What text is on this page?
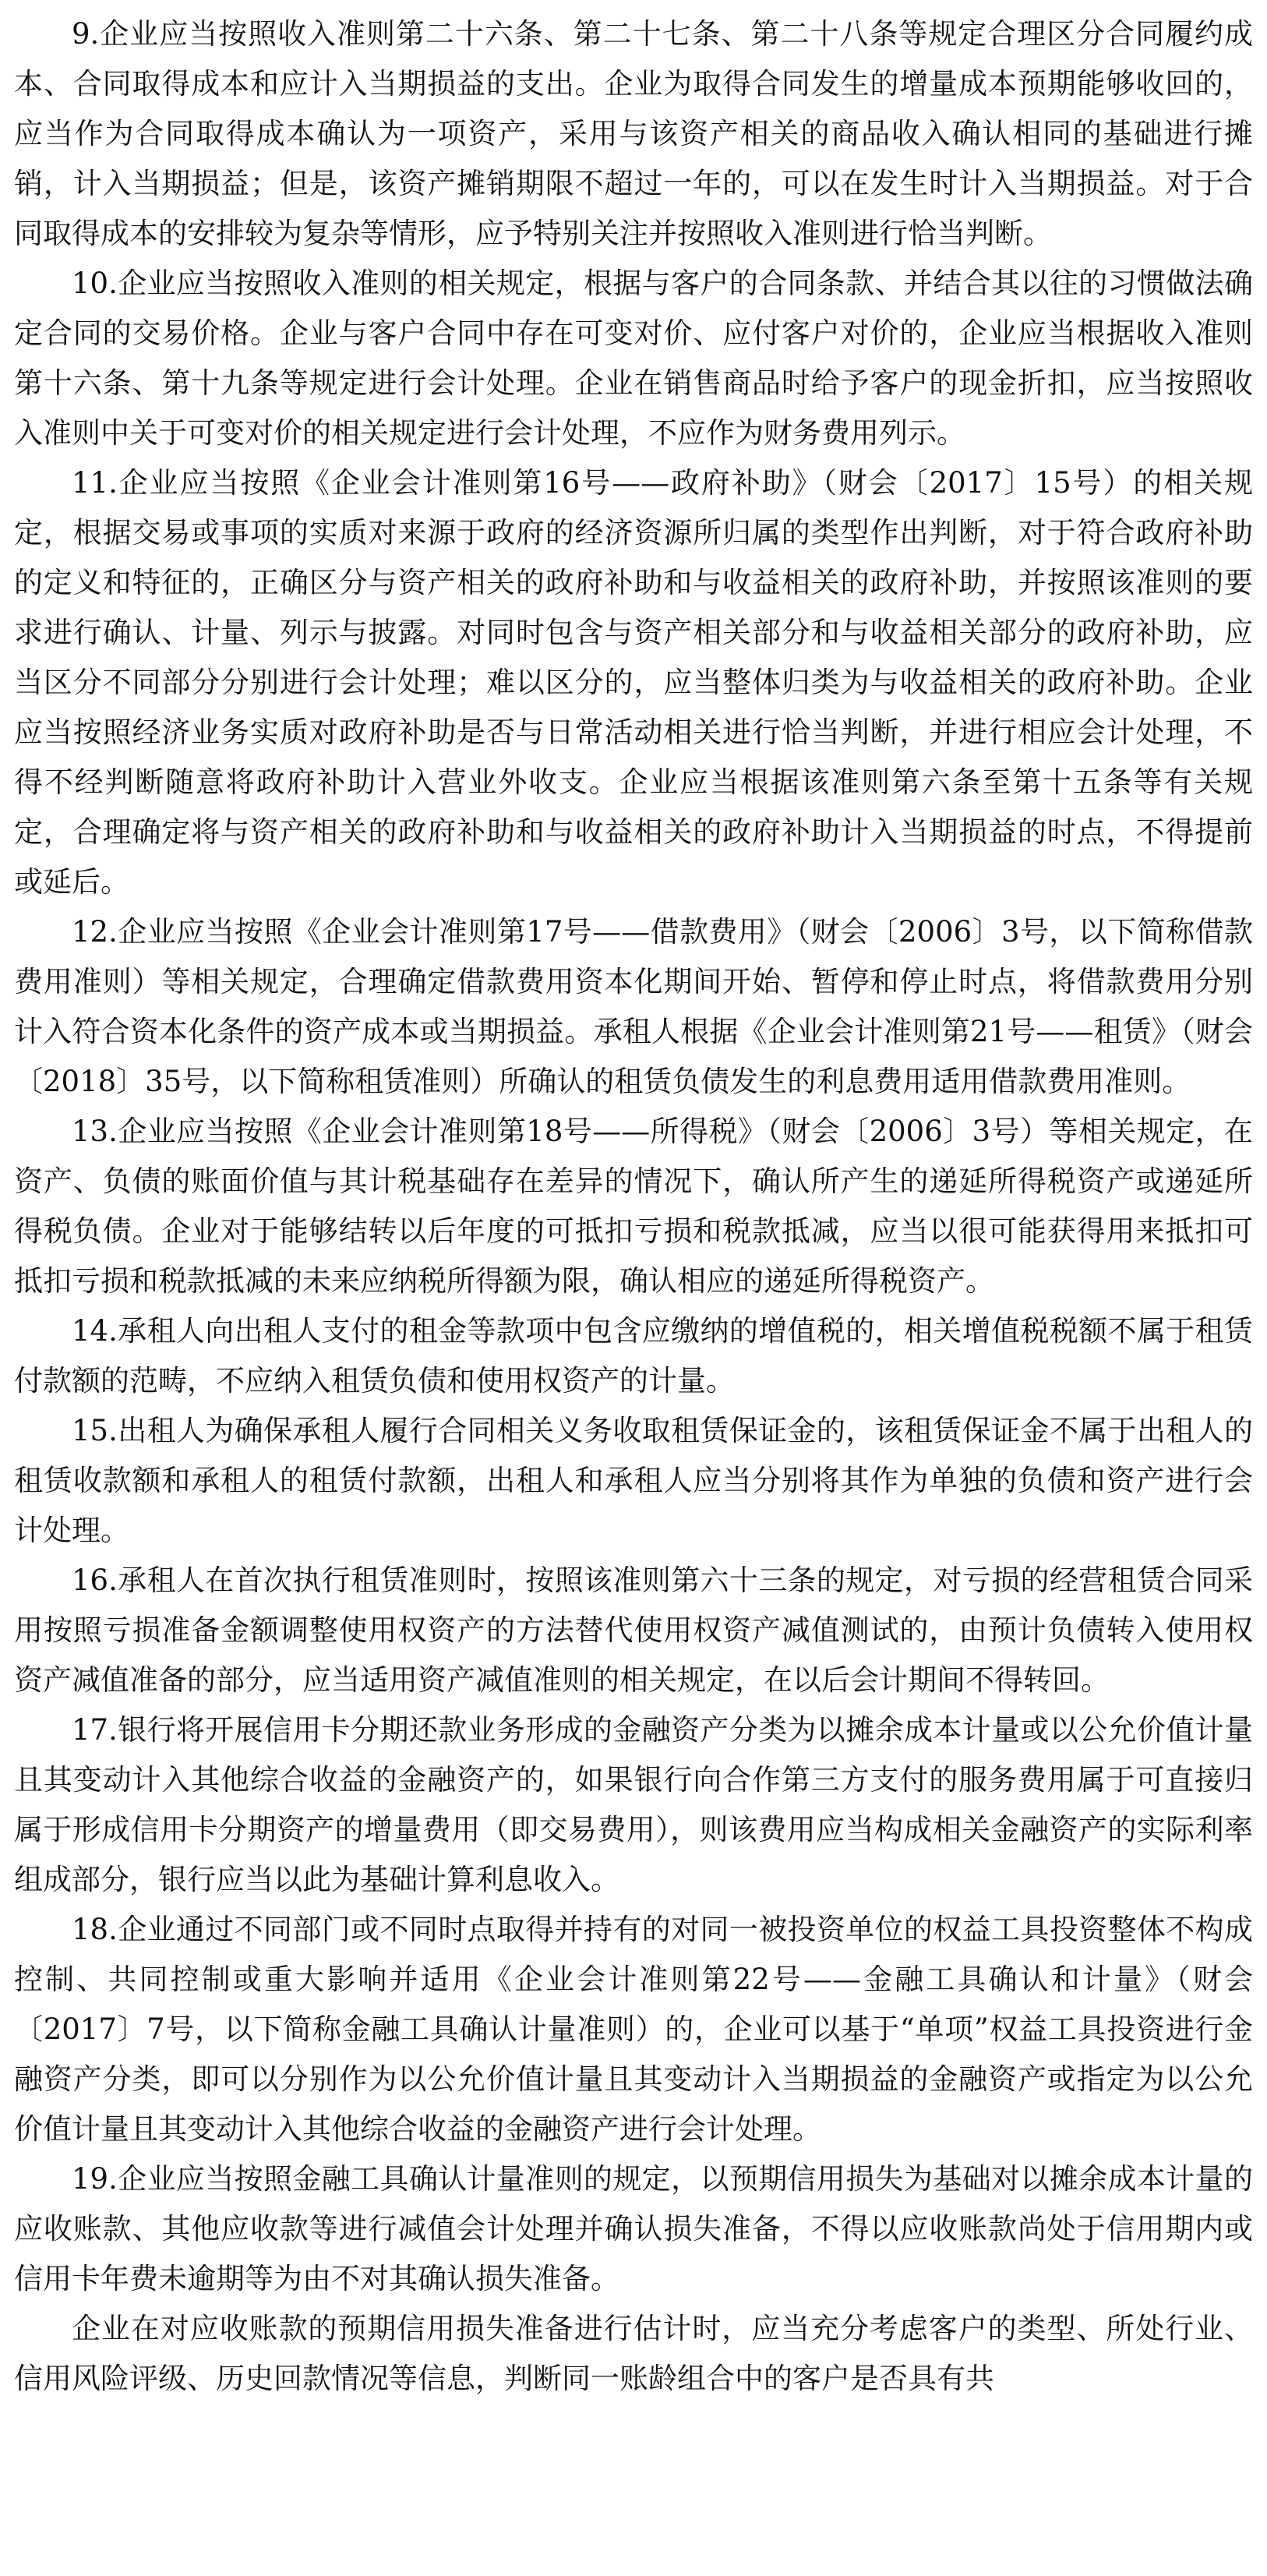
9.企业应当按照收入准则第二十六条、第二十七条、第二十八条等规定合理区分合同履约成本、合同取得成本和应计入当期损益的支出。企业为取得合同发生的增量成本预期能够收回的，应当作为合同取得成本确认为一项资产，采用与该资产相关的商品收入确认相同的基础进行摊销，计入当期损益；但是，该资产摊销期限不超过一年的，可以在发生时计入当期损益。对于合同取得成本的安排较为复杂等情形，应予特别关注并按照收入准则进行恰当判断。

10.企业应当按照收入准则的相关规定，根据与客户的合同条款、并结合其以往的习惯做法确定合同的交易价格。企业与客户合同中存在可变对价、应付客户对价的，企业应当根据收入准则第十六条、第十九条等规定进行会计处理。企业在销售商品时给予客户的现金折扣，应当按照收入准则中关于可变对价的相关规定进行会计处理，不应作为财务费用列示。

11.企业应当按照《企业会计准则第16号——政府补助》（财会〔2017〕15号）的相关规定，根据交易或事项的实质对来源于政府的经济资源所归属的类型作出判断，对于符合政府补助的定义和特征的，正确区分与资产相关的政府补助和与收益相关的政府补助，并按照该准则的要求进行确认、计量、列示与披露。对同时包含与资产相关部分和与收益相关部分的政府补助，应当区分不同部分分别进行会计处理；难以区分的，应当整体归类为与收益相关的政府补助。企业应当按照经济业务实质对政府补助是否与日常活动相关进行恰当判断，并进行相应会计处理，不得不经判断随意将政府补助计入营业外收支。企业应当根据该准则第六条至第十五条等有关规定，合理确定将与资产相关的政府补助和与收益相关的政府补助计入当期损益的时点，不得提前或延后。

12.企业应当按照《企业会计准则第17号——借款费用》（财会〔2006〕3号，以下简称借款费用准则）等相关规定，合理确定借款费用资本化期间开始、暂停和停止时点，将借款费用分别计入符合资本化条件的资产成本或当期损益。承租人根据《企业会计准则第21号——租赁》（财会〔2018〕35号，以下简称租赁准则）所确认的租赁负债发生的利息费用适用借款费用准则。

13.企业应当按照《企业会计准则第18号——所得税》（财会〔2006〕3号）等相关规定，在资产、负债的账面价值与其计税基础存在差异的情况下，确认所产生的递延所得税资产或递延所得税负债。企业对于能够结转以后年度的可抵扣亏损和税款抵减，应当以很可能获得用来抵扣可抵扣亏损和税款抵减的未来应纳税所得额为限，确认相应的递延所得税资产。

14.承租人向出租人支付的租金等款项中包含应缴纳的增值税的，相关增值税税额不属于租赁付款额的范畴，不应纳入租赁负债和使用权资产的计量。

15.出租人为确保承租人履行合同相关义务收取租赁保证金的，该租赁保证金不属于出租人的租赁收款额和承租人的租赁付款额，出租人和承租人应当分别将其作为单独的负债和资产进行会计处理。

16.承租人在首次执行租赁准则时，按照该准则第六十三条的规定，对亏损的经营租赁合同采用按照亏损准备金额调整使用权资产的方法替代使用权资产减值测试的，由预计负债转入使用权资产减值准备的部分，应当适用资产减值准则的相关规定，在以后会计期间不得转回。

17.银行将开展信用卡分期还款业务形成的金融资产分类为以摊余成本计量或以公允价值计量且其变动计入其他综合收益的金融资产的，如果银行向合作第三方支付的服务费用属于可直接归属于形成信用卡分期资产的增量费用（即交易费用），则该费用应当构成相关金融资产的实际利率组成部分，银行应当以此为基础计算利息收入。

18.企业通过不同部门或不同时点取得并持有的对同一被投资单位的权益工具投资整体不构成控制、共同控制或重大影响并适用《企业会计准则第22号——金融工具确认和计量》（财会〔2017〕7号，以下简称金融工具确认计量准则）的，企业可以基于“单项”权益工具投资进行金融资产分类，即可以分别作为以公允价值计量且其变动计入当期损益的金融资产或指定为以公允价值计量且其变动计入其他综合收益的金融资产进行会计处理。

19.企业应当按照金融工具确认计量准则的规定，以预期信用损失为基础对以摊余成本计量的应收账款、其他应收款等进行减值会计处理并确认损失准备，不得以应收账款尚处于信用期内或信用卡年费未逾期等为由不对其确认损失准备。

企业在对应收账款的预期信用损失准备进行估计时，应当充分考虑客户的类型、所处行业、信用风险评级、历史回款情况等信息，判断同一账龄组合中的客户是否具有共
